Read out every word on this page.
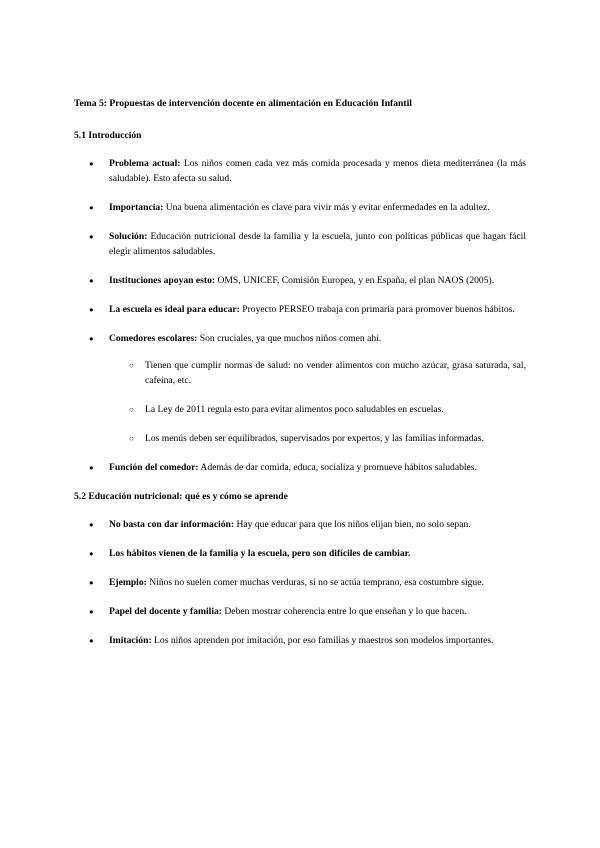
Tema 5: Propuestas de intervención docente en alimentación en Educación Infantil
5.1 Introducción
● Problema actual: Los niños comen cada vez más comida procesada y menos dieta mediterránea (la más saludable). Esto afecta su salud.
● Importancia: Una buena alimentación es clave para vivir más y evitar enfermedades en la adultez.
● Solución: Educación nutricional desde la familia y la escuela, junto con políticas públicas que hagan fácil elegir alimentos saludables.
● Instituciones apoyan esto: OMS, UNICEF, Comisión Europea, y en España, el plan NAOS (2005).
● La escuela es ideal para educar: Proyecto PERSEO trabaja con primaria para promover buenos hábitos.
● Comedores escolares: Son cruciales, ya que muchos niños comen ahí.
○ Tienen que cumplir normas de salud: no vender alimentos con mucho azúcar, grasa saturada, sal, cafeína, etc.
○ La Ley de 2011 regula esto para evitar alimentos poco saludables en escuelas.
○ Los menús deben ser equilibrados, supervisados por expertos, y las familias informadas.
● Función del comedor: Además de dar comida, educa, socializa y promueve hábitos saludables.
5.2 Educación nutricional: qué es y cómo se aprende
● No basta con dar información: Hay que educar para que los niños elijan bien, no solo sepan.
● Los hábitos vienen de la familia y la escuela, pero son difíciles de cambiar.
● Ejemplo: Niños no suelen comer muchas verduras, si no se actúa temprano, esa costumbre sigue.
● Papel del docente y familia: Deben mostrar coherencia entre lo que enseñan y lo que hacen.
● Imitación: Los niños aprenden por imitación, por eso familias y maestros son modelos importantes.
